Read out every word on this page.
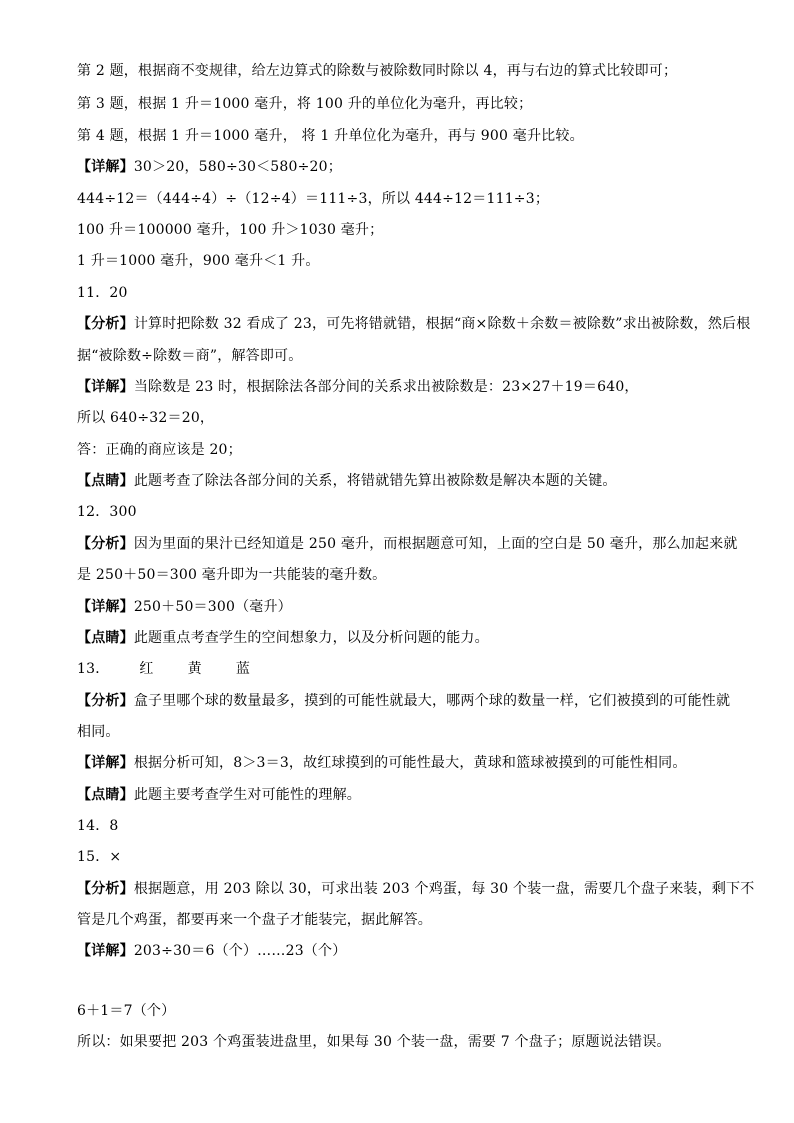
第 2 题，根据商不变规律，给左边算式的除数与被除数同时除以 4，再与右边的算式比较即可；
第 3 题，根据 1 升＝1000 毫升，将 100 升的单位化为毫升，再比较；
第 4 题，根据 1 升＝1000 毫升， 将 1 升单位化为毫升，再与 900 毫升比较。
【详解】30＞20，580÷30＜580÷20；
444÷12＝（444÷4）÷（12÷4）＝111÷3，所以 444÷12＝111÷3；
100 升＝100000 毫升，100 升＞1030 毫升；
1 升＝1000 毫升，900 毫升＜1 升。
11．20
【分析】计算时把除数 32 看成了 23，可先将错就错，根据“商×除数＋余数＝被除数”求出被除数，然后根
据“被除数÷除数＝商”，解答即可。
【详解】当除数是 23 时，根据除法各部分间的关系求出被除数是：23×27＋19＝640，
所以 640÷32＝20，
答：正确的商应该是 20；
【点睛】此题考查了除法各部分间的关系，将错就错先算出被除数是解决本题的关键。
12．300
【分析】因为里面的果汁已经知道是 250 毫升，而根据题意可知，上面的空白是 50 毫升，那么加起来就
是 250＋50＝300 毫升即为一共能装的毫升数。
【详解】250＋50＝300（毫升）
【点睛】此题重点考查学生的空间想象力，以及分析问题的能力。
13． 红 黄 蓝
【分析】盒子里哪个球的数量最多，摸到的可能性就最大，哪两个球的数量一样，它们被摸到的可能性就
相同。
【详解】根据分析可知，8＞3＝3，故红球摸到的可能性最大，黄球和篮球被摸到的可能性相同。
【点睛】此题主要考查学生对可能性的理解。
14．8
15．×
【分析】根据题意，用 203 除以 30，可求出装 203 个鸡蛋，每 30 个装一盘，需要几个盘子来装，剩下不
管是几个鸡蛋，都要再来一个盘子才能装完，据此解答。
【详解】203÷30＝6（个）……23（个）
6＋1＝7（个）
所以：如果要把 203 个鸡蛋装进盘里，如果每 30 个装一盘，需要 7 个盘子；原题说法错误。
